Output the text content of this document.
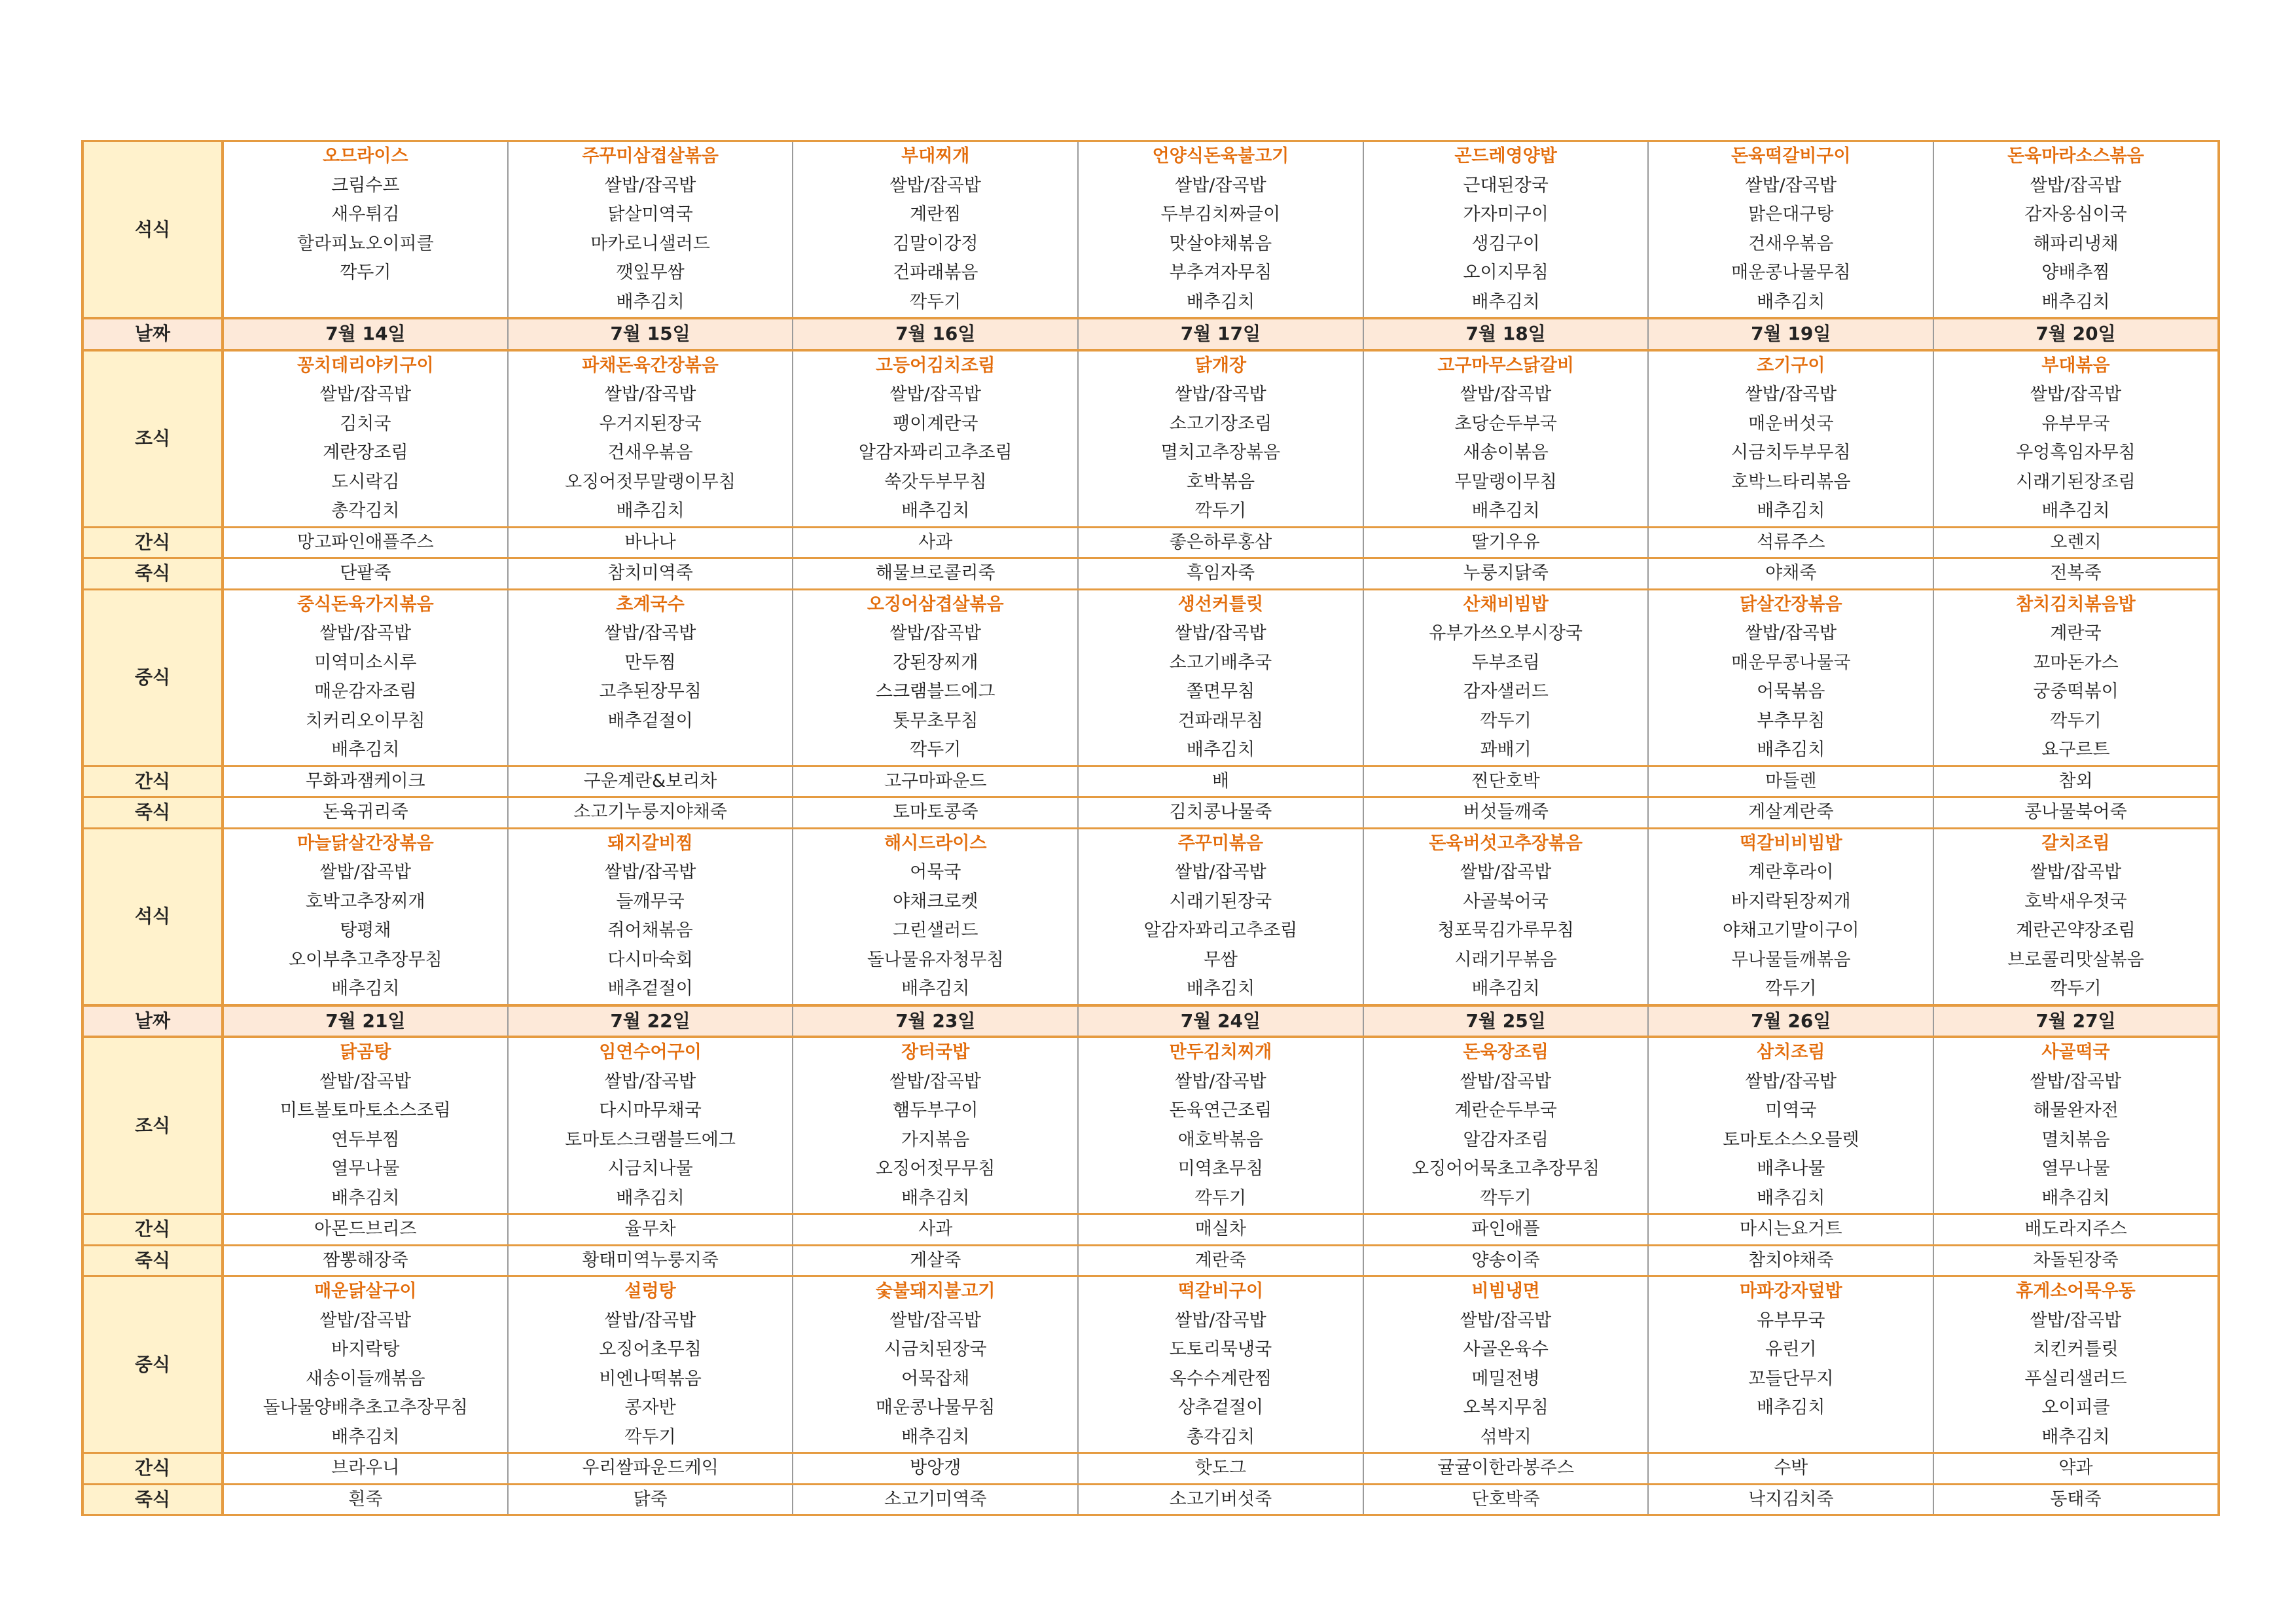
석식	오므라이스	주꾸미삼겹살볶음	부대찌개	언양식돈육불고기	곤드레영양밥	돈육떡갈비구이	돈육마라소스볶음
	크림수프	쌀밥/잡곡밥	쌀밥/잡곡밥	쌀밥/잡곡밥	근대된장국	쌀밥/잡곡밥	쌀밥/잡곡밥
	새우튀김	닭살미역국	계란찜	두부김치짜글이	가자미구이	맑은대구탕	감자옹심이국
	할라피뇨오이피클	마카로니샐러드	김말이강정	맛살야채볶음	생김구이	건새우볶음	해파리냉채
	깍두기	깻잎무쌈	건파래볶음	부추겨자무침	오이지무침	매운콩나물무침	양배추찜
		배추김치	깍두기	배추김치	배추김치	배추김치	배추김치
날짜	7월 14일	7월 15일	7월 16일	7월 17일	7월 18일	7월 19일	7월 20일
조식	꽁치데리야키구이	파채돈육간장볶음	고등어김치조림	닭개장	고구마무스닭갈비	조기구이	부대볶음
	쌀밥/잡곡밥	쌀밥/잡곡밥	쌀밥/잡곡밥	쌀밥/잡곡밥	쌀밥/잡곡밥	쌀밥/잡곡밥	쌀밥/잡곡밥
	김치국	우거지된장국	팽이계란국	소고기장조림	초당순두부국	매운버섯국	유부무국
	계란장조림	건새우볶음	알감자꽈리고추조림	멸치고추장볶음	새송이볶음	시금치두부무침	우엉흑임자무침
	도시락김	오징어젓무말랭이무침	쑥갓두부무침	호박볶음	무말랭이무침	호박느타리볶음	시래기된장조림
	총각김치	배추김치	배추김치	깍두기	배추김치	배추김치	배추김치
간식	망고파인애플주스	바나나	사과	좋은하루홍삼	딸기우유	석류주스	오렌지
죽식	단팥죽	참치미역죽	해물브로콜리죽	흑임자죽	누룽지닭죽	야채죽	전복죽
중식	중식돈육가지볶음	초계국수	오징어삼겹살볶음	생선커틀릿	산채비빔밥	닭살간장볶음	참치김치볶음밥
	쌀밥/잡곡밥	쌀밥/잡곡밥	쌀밥/잡곡밥	쌀밥/잡곡밥	유부가쓰오부시장국	쌀밥/잡곡밥	계란국
	미역미소시루	만두찜	강된장찌개	소고기배추국	두부조림	매운무콩나물국	꼬마돈가스
	매운감자조림	고추된장무침	스크램블드에그	쫄면무침	감자샐러드	어묵볶음	궁중떡볶이
	치커리오이무침	배추겉절이	톳무초무침	건파래무침	깍두기	부추무침	깍두기
	배추김치		깍두기	배추김치	꽈배기	배추김치	요구르트
간식	무화과잼케이크	구운계란&보리차	고구마파운드	배	찐단호박	마들렌	참외
죽식	돈육귀리죽	소고기누룽지야채죽	토마토콩죽	김치콩나물죽	버섯들깨죽	게살계란죽	콩나물북어죽
석식	마늘닭살간장볶음	돼지갈비찜	해시드라이스	주꾸미볶음	돈육버섯고추장볶음	떡갈비비빔밥	갈치조림
	쌀밥/잡곡밥	쌀밥/잡곡밥	어묵국	쌀밥/잡곡밥	쌀밥/잡곡밥	계란후라이	쌀밥/잡곡밥
	호박고추장찌개	들깨무국	야채크로켓	시래기된장국	사골북어국	바지락된장찌개	호박새우젓국
	탕평채	쥐어채볶음	그린샐러드	알감자꽈리고추조림	청포묵김가루무침	야채고기말이구이	계란곤약장조림
	오이부추고추장무침	다시마숙회	돌나물유자청무침	무쌈	시래기무볶음	무나물들깨볶음	브로콜리맛살볶음
	배추김치	배추겉절이	배추김치	배추김치	배추김치	깍두기	깍두기
날짜	7월 21일	7월 22일	7월 23일	7월 24일	7월 25일	7월 26일	7월 27일
조식	닭곰탕	임연수어구이	장터국밥	만두김치찌개	돈육장조림	삼치조림	사골떡국
	쌀밥/잡곡밥	쌀밥/잡곡밥	쌀밥/잡곡밥	쌀밥/잡곡밥	쌀밥/잡곡밥	쌀밥/잡곡밥	쌀밥/잡곡밥
	미트볼토마토소스조림	다시마무채국	햄두부구이	돈육연근조림	계란순두부국	미역국	해물완자전
	연두부찜	토마토스크램블드에그	가지볶음	애호박볶음	알감자조림	토마토소스오믈렛	멸치볶음
	열무나물	시금치나물	오징어젓무무침	미역초무침	오징어어묵초고추장무침	배추나물	열무나물
	배추김치	배추김치	배추김치	깍두기	깍두기	배추김치	배추김치
간식	아몬드브리즈	율무차	사과	매실차	파인애플	마시는요거트	배도라지주스
죽식	짬뽕해장죽	황태미역누룽지죽	게살죽	계란죽	양송이죽	참치야채죽	차돌된장죽
중식	매운닭살구이	설렁탕	숯불돼지불고기	떡갈비구이	비빔냉면	마파강자덮밥	휴게소어묵우동
	쌀밥/잡곡밥	쌀밥/잡곡밥	쌀밥/잡곡밥	쌀밥/잡곡밥	쌀밥/잡곡밥	유부무국	쌀밥/잡곡밥
	바지락탕	오징어초무침	시금치된장국	도토리묵냉국	사골온육수	유린기	치킨커틀릿
	새송이들깨볶음	비엔나떡볶음	어묵잡채	옥수수계란찜	메밀전병	꼬들단무지	푸실리샐러드
	돌나물양배추초고추장무침	콩자반	매운콩나물무침	상추겉절이	오복지무침	배추김치	오이피클
	배추김치	깍두기	배추김치	총각김치	섞박지		배추김치
간식	브라우니	우리쌀파운드케익	방앙갱	핫도그	귤귤이한라봉주스	수박	약과
죽식	흰죽	닭죽	소고기미역죽	소고기버섯죽	단호박죽	낙지김치죽	동태죽
